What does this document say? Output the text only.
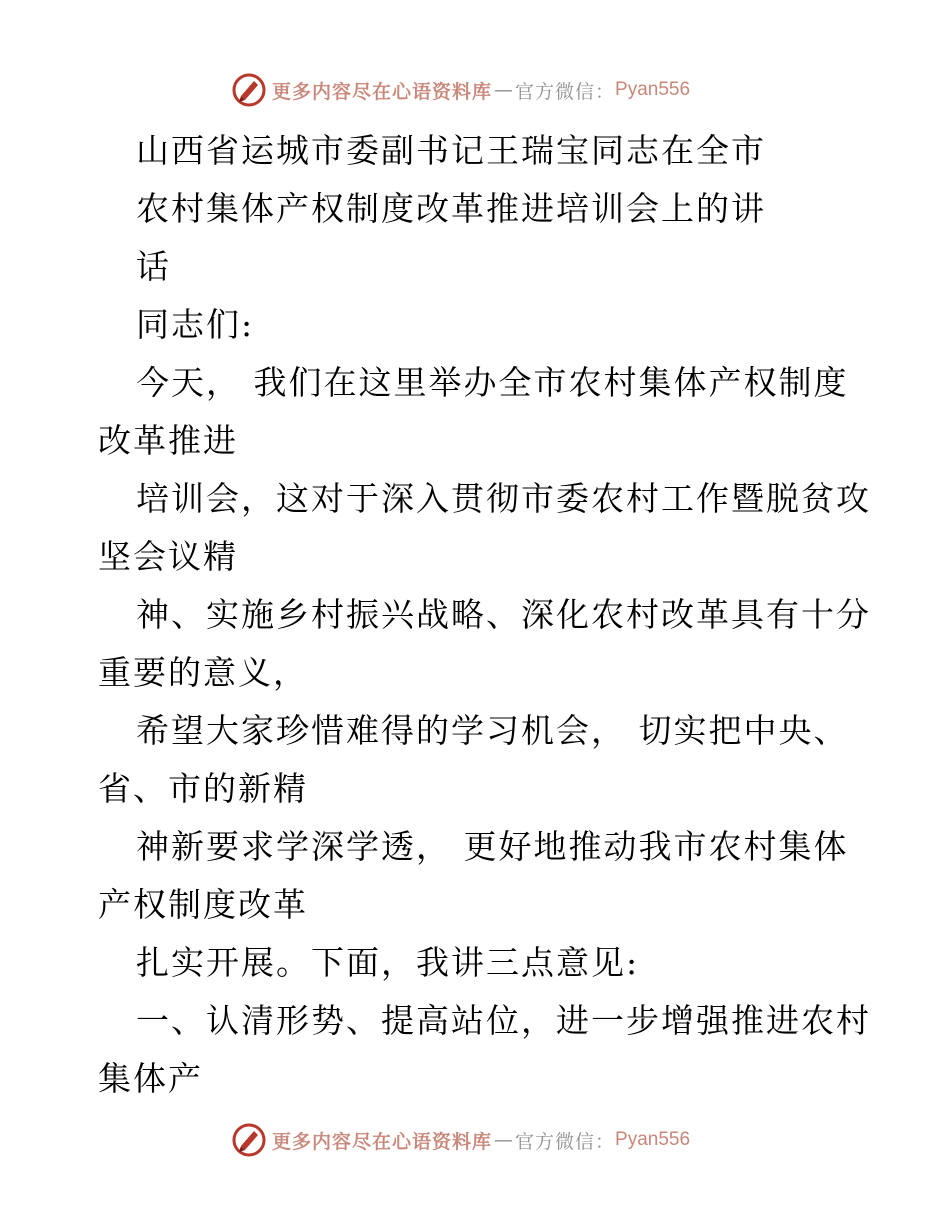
更多内容尽在心语资料库 — 官方微信： Pyan556
山西省运城市委副书记王瑞宝同志在全市
农村集体产权制度改革推进培训会上的讲
话
同志们:
今天， 我们在这里举办全市农村集体产权制度
改革推进
培训会，这对于深入贯彻市委农村工作暨脱贫攻
坚会议精
神、实施乡村振兴战略、深化农村改革具有十分
重要的意义，
希望大家珍惜难得的学习机会， 切实把中央、
省、市的新精
神新要求学深学透， 更好地推动我市农村集体
产权制度改革
扎实开展。下面，我讲三点意见:
一、认清形势、提高站位，进一步增强推进农村
集体产
更多内容尽在心语资料库 — 官方微信： Pyan556
